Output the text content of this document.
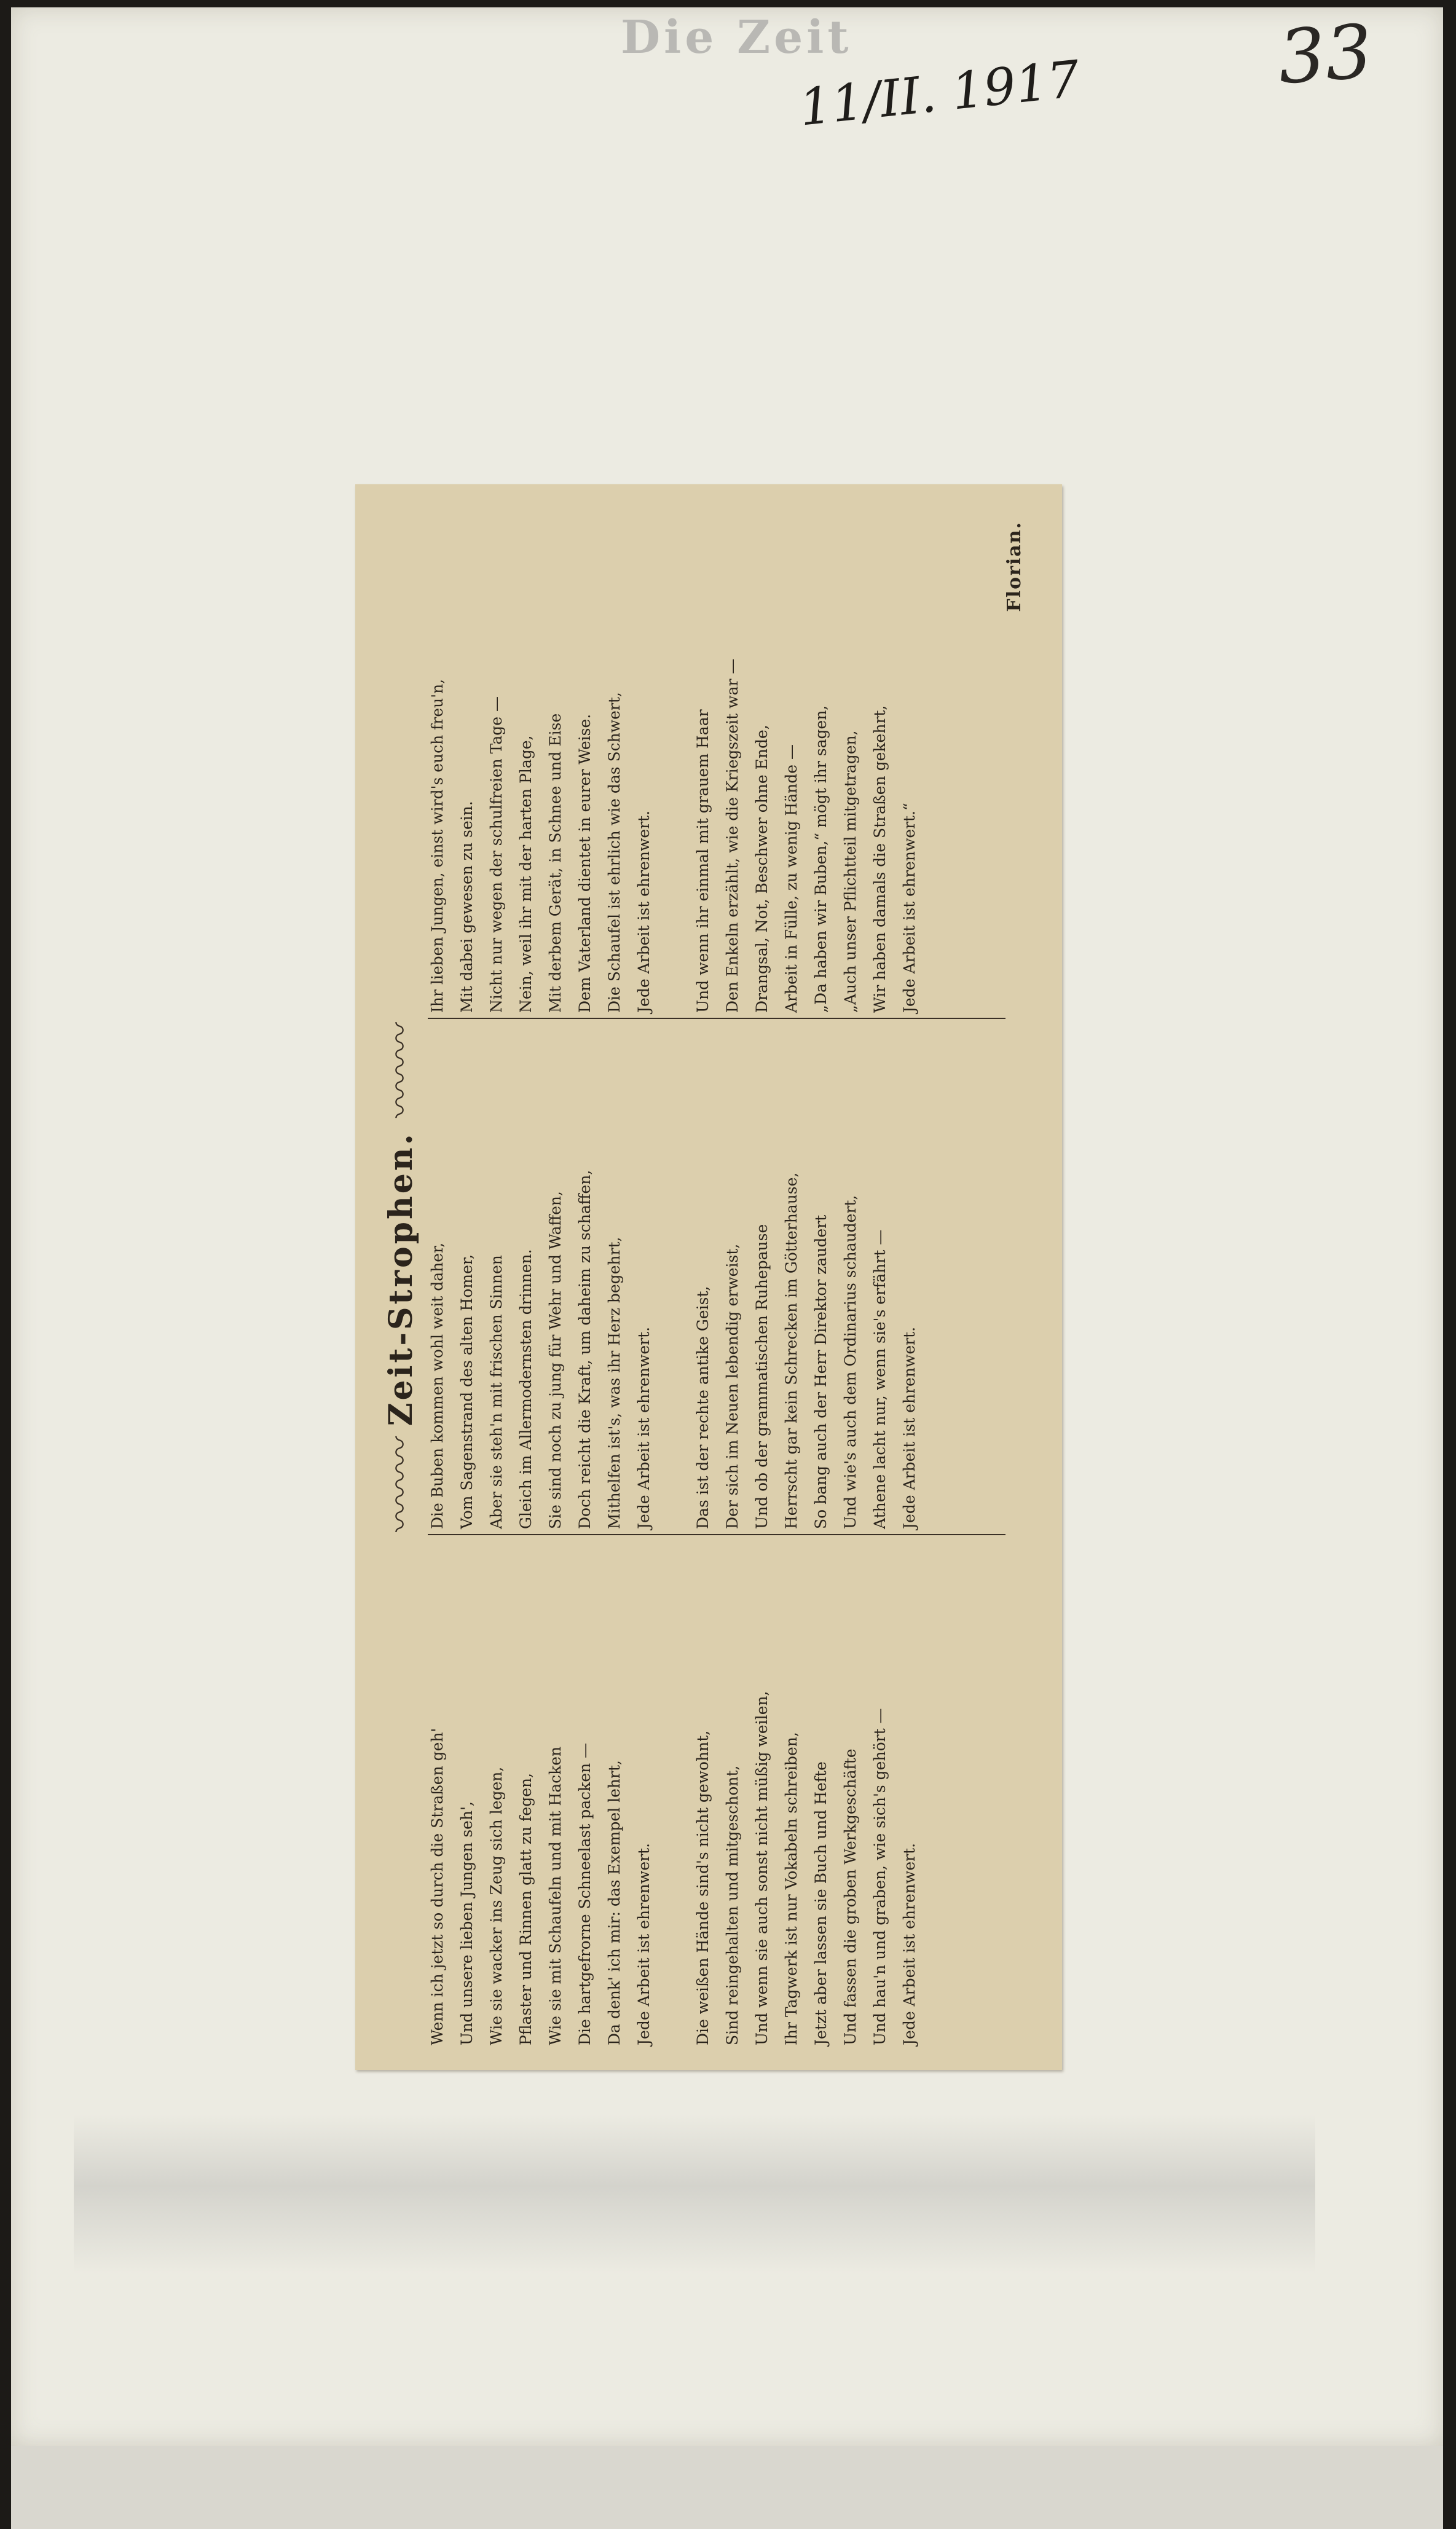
Die Zeit
11/II. 1917	33
〰〰〰 Zeit-Strophen. 〰〰〰
Wenn ich jetzt so durch die Straßen geh' Und unsere lieben Jungen seh', Wie sie wacker ins Zeug sich legen, Pflaster und Rinnen glatt zu fegen, Wie sie mit Schaufeln und mit Hacken Die hartgefrorne Schneelast packen — Da denk' ich mir: das Exempel lehrt, Jede Arbeit ist ehrenwert.	Die weißen Hände sind's nicht gewohnt, Sind reingehalten und mitgeschont, Und wenn sie auch sonst nicht müßig weilen, Ihr Tagwerk ist nur Vokabeln schreiben, Jetzt aber lassen sie Buch und Hefte Und fassen die groben Werkgeschäfte Und hau'n und graben, wie sich's gehört — Jede Arbeit ist ehrenwert.
Die Buben kommen wohl weit daher, Vom Sagenstrand des alten Homer, Aber sie steh'n mit frischen Sinnen Gleich im Allermodernsten drinnen. Sie sind noch zu jung für Wehr und Waffen, Doch reicht die Kraft, um daheim zu schaffen, Mithelfen ist's, was ihr Herz begehrt, Jede Arbeit ist ehrenwert.	Das ist der rechte antike Geist, Der sich im Neuen lebendig erweist, Und ob der grammatischen Ruhepause Herrscht gar kein Schrecken im Götterhause, So bang auch der Herr Direktor zaudert Und wie's auch dem Ordinarius schaudert, Athene lacht nur, wenn sie's erfährt — Jede Arbeit ist ehrenwert.
Ihr lieben Jungen, einst wird's euch freu'n, Mit dabei gewesen zu sein. Nicht nur wegen der schulfreien Tage — Nein, weil ihr mit der harten Plage, Mit derbem Gerät, in Schnee und Eise Dem Vaterland dientet in eurer Weise. Die Schaufel ist ehrlich wie das Schwert, Jede Arbeit ist ehrenwert.	Und wenn ihr einmal mit grauem Haar Den Enkeln erzählt, wie die Kriegszeit war — Drangsal, Not, Beschwer ohne Ende, Arbeit in Fülle, zu wenig Hände — „Da haben wir Buben,“ mögt ihr sagen, „Auch unser Pflichtteil mitgetragen, Wir haben damals die Straßen gekehrt, Jede Arbeit ist ehrenwert.“
Florian.
